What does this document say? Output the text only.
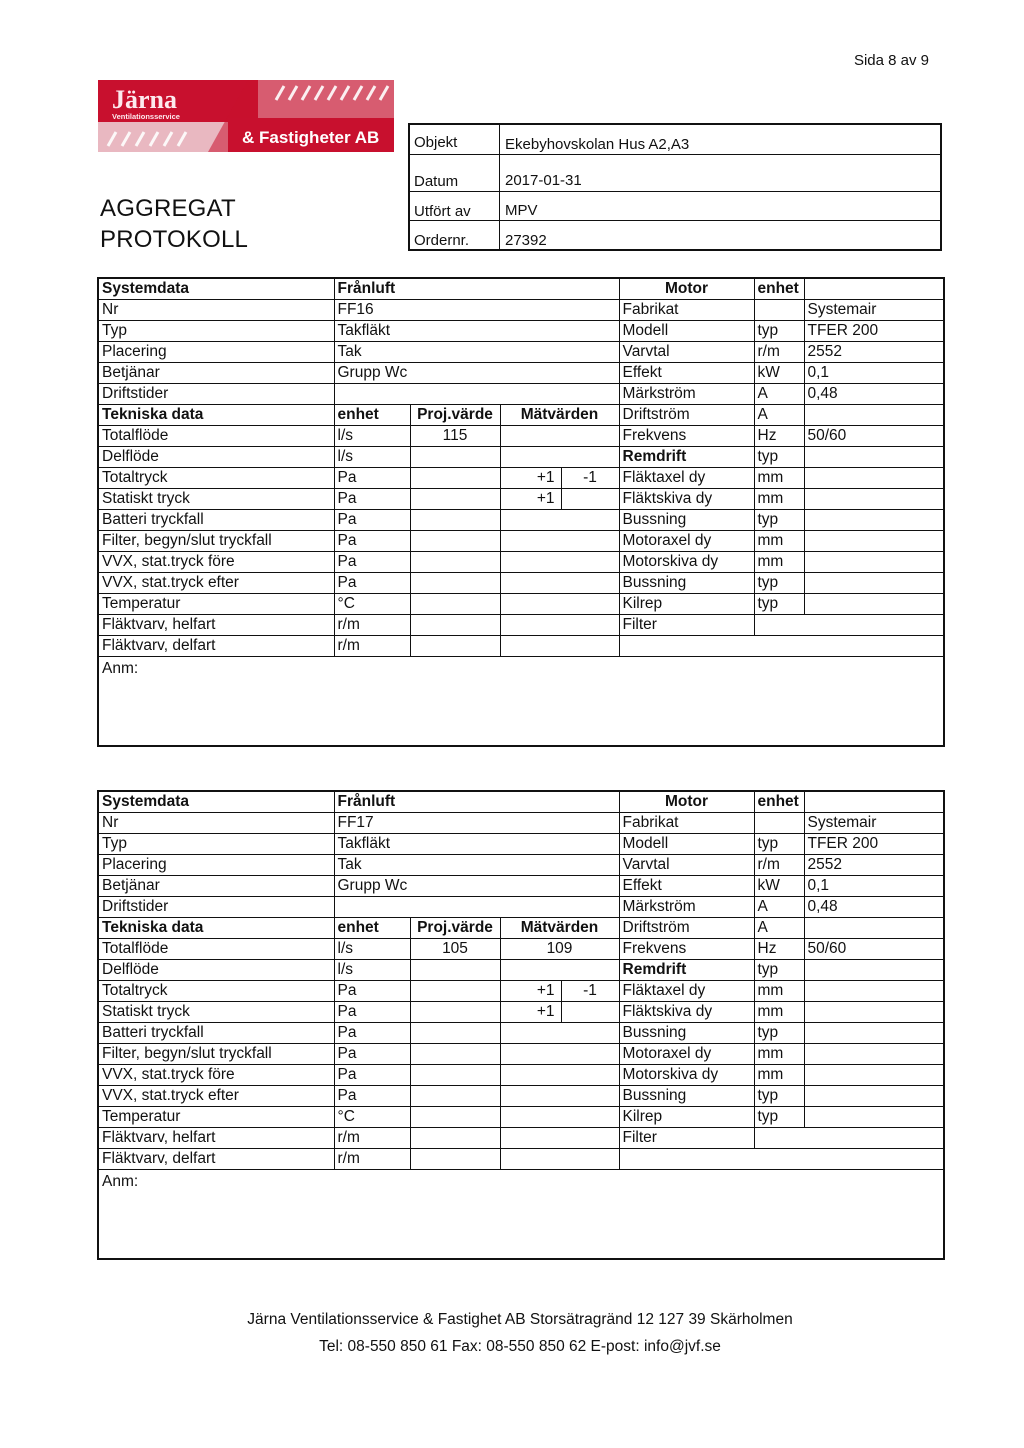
Sida 8 av 9
Järna
Ventilationsservice
& Fastigheter AB
AGGREGAT
PROTOKOLL
Objekt	Ekebyhovskolan Hus A2,A3
Datum	2017-01-31
Utfört av MPV
Ordernr. 27392
Systemdata	Frånluft				Motor	enhet	
Nr	FF16				Fabrikat		Systemair
Typ	Takfläkt				Modell	typ	TFER 200
Placering	Tak				Varvtal	r/m	2552
Betjänar	Grupp Wc				Effekt	kW	0,1
Driftstider					Märkström	A	0,48
Tekniska data	enhet	Proj.värde	Mätvärden		Driftström	A	
Totalflöde	l/s	115			Frekvens	Hz	50/60
Delflöde	l/s				Remdrift	typ	
Totaltryck	Pa		+1	-1	Fläktaxel dy	mm	
Statiskt tryck	Pa		+1		Fläktskiva dy	mm	
Batteri tryckfall	Pa				Bussning	typ	
Filter, begyn/slut tryckfall	Pa				Motoraxel dy	mm	
VVX, stat.tryck före	Pa				Motorskiva dy	mm	
VVX, stat.tryck efter	Pa				Bussning	typ	
Temperatur	°C				Kilrep	typ	
Fläktvarv, helfart	r/m				Filter		
Fläktvarv, delfart	r/m						
Anm:							
Systemdata	Frånluft				Motor	enhet	
Nr	FF17				Fabrikat		Systemair
Typ	Takfläkt				Modell	typ	TFER 200
Placering	Tak				Varvtal	r/m	2552
Betjänar	Grupp Wc				Effekt	kW	0,1
Driftstider					Märkström	A	0,48
Tekniska data	enhet	Proj.värde	Mätvärden		Driftström	A	
Totalflöde	l/s	105	109		Frekvens	Hz	50/60
Delflöde	l/s				Remdrift	typ	
Totaltryck	Pa		+1	-1	Fläktaxel dy	mm	
Statiskt tryck	Pa		+1		Fläktskiva dy	mm	
Batteri tryckfall	Pa				Bussning	typ	
Filter, begyn/slut tryckfall	Pa				Motoraxel dy	mm	
VVX, stat.tryck före	Pa				Motorskiva dy	mm	
VVX, stat.tryck efter	Pa				Bussning	typ	
Temperatur	°C				Kilrep	typ	
Fläktvarv, helfart	r/m				Filter		
Fläktvarv, delfart	r/m						
Anm:							
Järna Ventilationsservice & Fastighet AB Storsätragränd 12 127 39 Skärholmen
Tel: 08-550 850 61 Fax: 08-550 850 62 E-post: info@jvf.se
